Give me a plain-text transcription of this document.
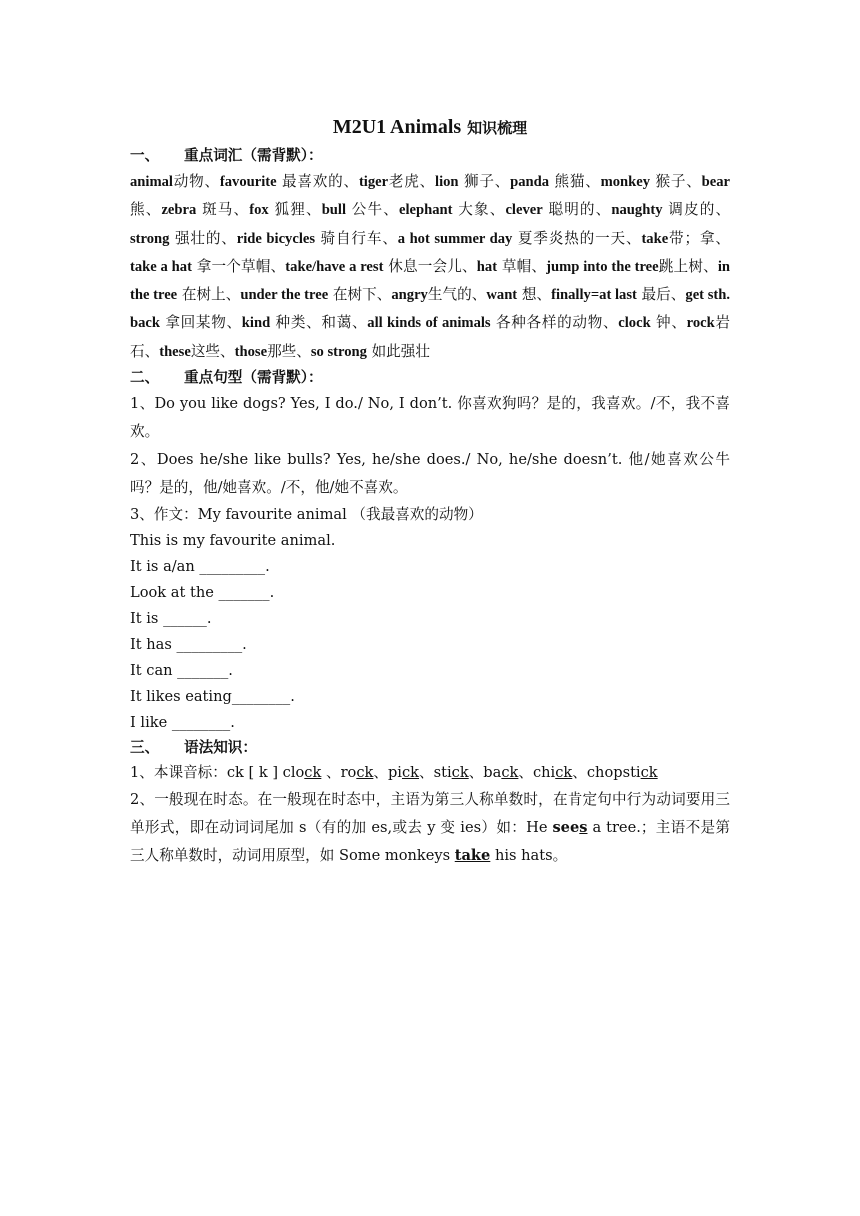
M2U1 Animals 知识梳理
一、 重点词汇（需背默）：
animal动物、favourite 最喜欢的、tiger老虎、lion 狮子、panda 熊猫、monkey 猴子、bear 熊、zebra 斑马、fox 狐狸、bull 公牛、elephant 大象、clever 聪明的、naughty 调皮的、strong 强壮的、ride bicycles 骑自行车、a hot summer day 夏季炎热的一天、take带；拿、take a hat 拿一个草帽、take/have a rest 休息一会儿、hat 草帽、jump into the tree跳上树、in the tree 在树上、under the tree 在树下、angry生气的、want 想、finally=at last 最后、get sth. back 拿回某物、kind 种类、和蔼、all kinds of animals 各种各样的动物、clock 钟、rock岩石、these这些、those那些、so strong 如此强壮
二、 重点句型（需背默）：
1、Do you like dogs? Yes, I do./ No, I don’t. 你喜欢狗吗？是的，我喜欢。/不，我不喜欢。
2、Does he/she like bulls? Yes, he/she does./ No, he/she doesn’t. 他/她喜欢公牛吗？是的，他/她喜欢。/不，他/她不喜欢。
3、作文：My favourite animal （我最喜欢的动物）
This is my favourite animal.
It is a/an _________.
Look at the _______.
It is ______.
It has _________.
It can _______.
It likes eating________.
I like ________.
三、 语法知识：
1、本课音标：ck [ k ] clock 、rock、pick、stick、back、chick、chopstick
2、一般现在时态。在一般现在时态中，主语为第三人称单数时，在肯定句中行为动词要用三单形式，即在动词词尾加 s（有的加 es,或去 y 变 ies）如：He sees a tree.；主语不是第三人称单数时，动词用原型，如 Some monkeys take his hats。
